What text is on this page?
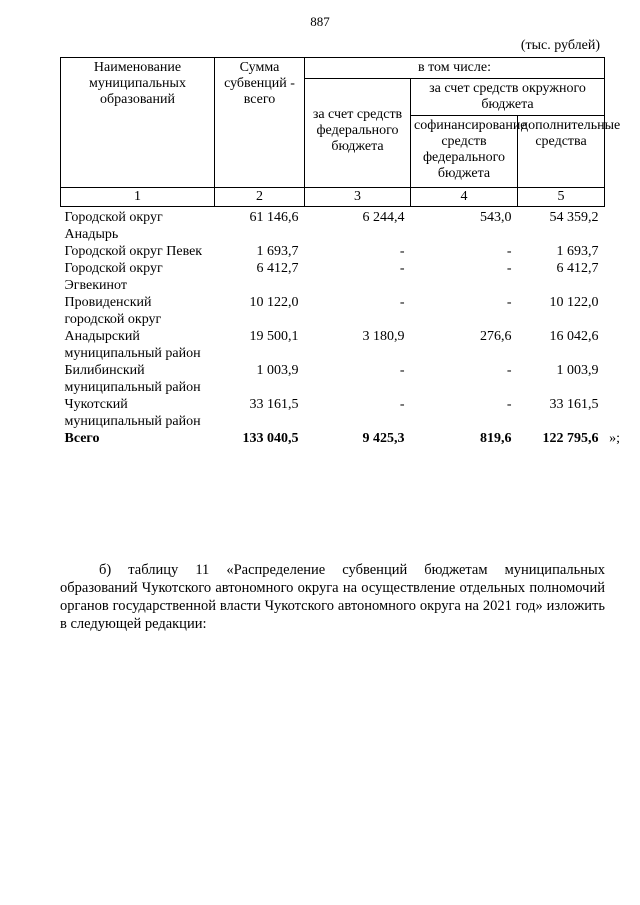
887
(тыс. рублей)
Наименование муниципальных образований	Сумма субвенций - всего	в том числе:		
		за счет средств федерального бюджета	за счет средств окружного бюджета	
			софинансирование средств федерального бюджета	дополнительные средства
1	2	3	4	5
Городской округ Анадырь	61 146,6	6 244,4	543,0	54 359,2
Городской округ Певек	1 693,7	-	-	1 693,7
Городской округ Эгвекинот	6 412,7	-	-	6 412,7
Провиденский городской округ	10 122,0	-	-	10 122,0
Анадырский муниципальный район	19 500,1	3 180,9	276,6	16 042,6
Билибинский муниципальный район	1 003,9	-	-	1 003,9
Чукотский муниципальный район	33 161,5	-	-	33 161,5
Всего	133 040,5	9 425,3	819,6	122 795,6 »;

б) таблицу 11 «Распределение субвенций бюджетам муниципальных образований Чукотского автономного округа на осуществление отдельных полномочий органов государственной власти Чукотского автономного округа на 2021 год» изложить в следующей редакции:
